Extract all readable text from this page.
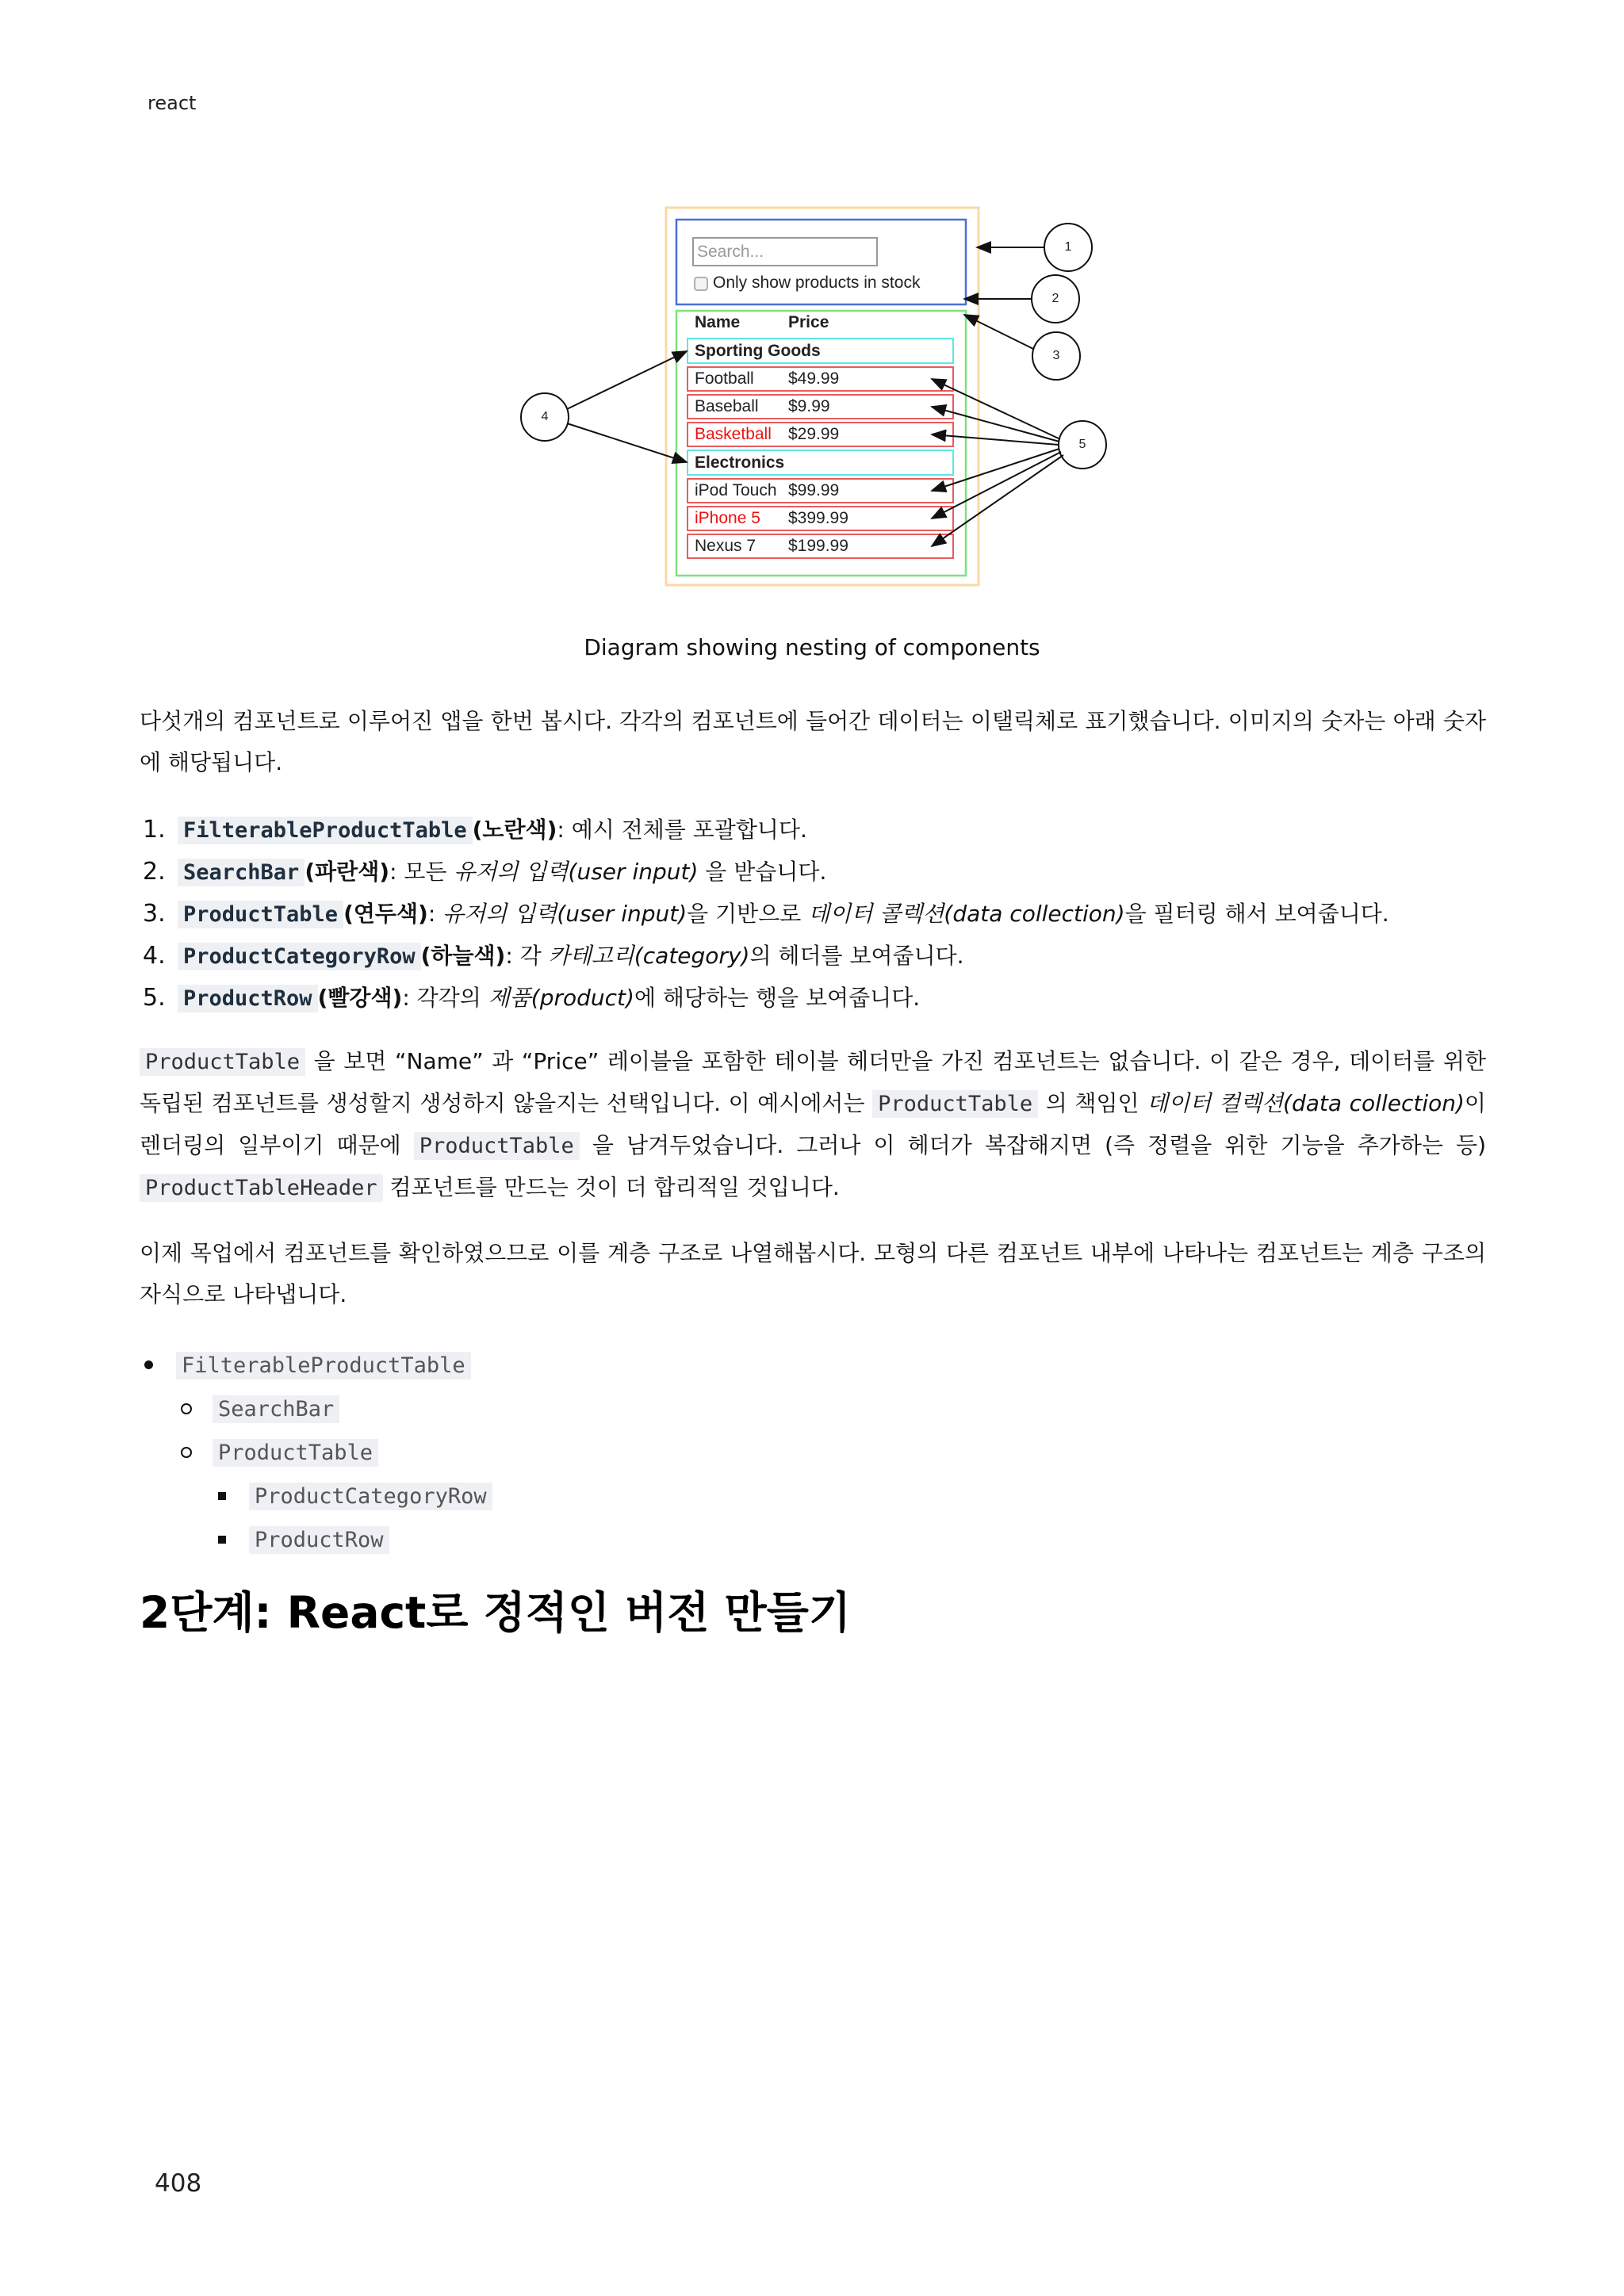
react
Search...
Only show products in stock
Name	Price
Sporting Goods
Football $49.99
Baseball $9.99
Basketball $29.99
Electronics
iPod Touch $99.99
iPhone 5 $399.99
Nexus 7 $199.99
1
2
3
4
5
Diagram showing nesting of components

다섯개의 컴포넌트로 이루어진 앱을 한번 봅시다. 각각의 컴포넌트에 들어간 데이터는 이탤릭체로 표기했습니다. 이미지의 숫자는 아래 숫자에 해당됩니다.

1. FilterableProductTable (노란색): 예시 전체를 포괄합니다.
2. SearchBar (파란색): 모든 유저의 입력(user input) 을 받습니다.
3. ProductTable (연두색): 유저의 입력(user input)을 기반으로 데이터 콜렉션(data collection)을 필터링 해서 보여줍니다.
4. ProductCategoryRow (하늘색): 각 카테고리(category)의 헤더를 보여줍니다.
5. ProductRow (빨강색): 각각의 제품(product)에 해당하는 행을 보여줍니다.

ProductTable 을 보면 “Name” 과 “Price” 레이블을 포함한 테이블 헤더만을 가진 컴포넌트는 없습니다. 이 같은 경우, 데이터를 위한 독립된 컴포넌트를 생성할지 생성하지 않을지는 선택입니다. 이 예시에서는 ProductTable 의 책임인 데이터 컬렉션(data collection)이 렌더링의 일부이기 때문에 ProductTable 을 남겨두었습니다. 그러나 이 헤더가 복잡해지면 (즉 정렬을 위한 기능을 추가하는 등) ProductTableHeader 컴포넌트를 만드는 것이 더 합리적일 것입니다.

이제 목업에서 컴포넌트를 확인하였으므로 이를 계층 구조로 나열해봅시다. 모형의 다른 컴포넌트 내부에 나타나는 컴포넌트는 계층 구조의 자식으로 나타냅니다.

FilterableProductTable
SearchBar
ProductTable
ProductCategoryRow
ProductRow
2단계: React로 정적인 버전 만들기
408
